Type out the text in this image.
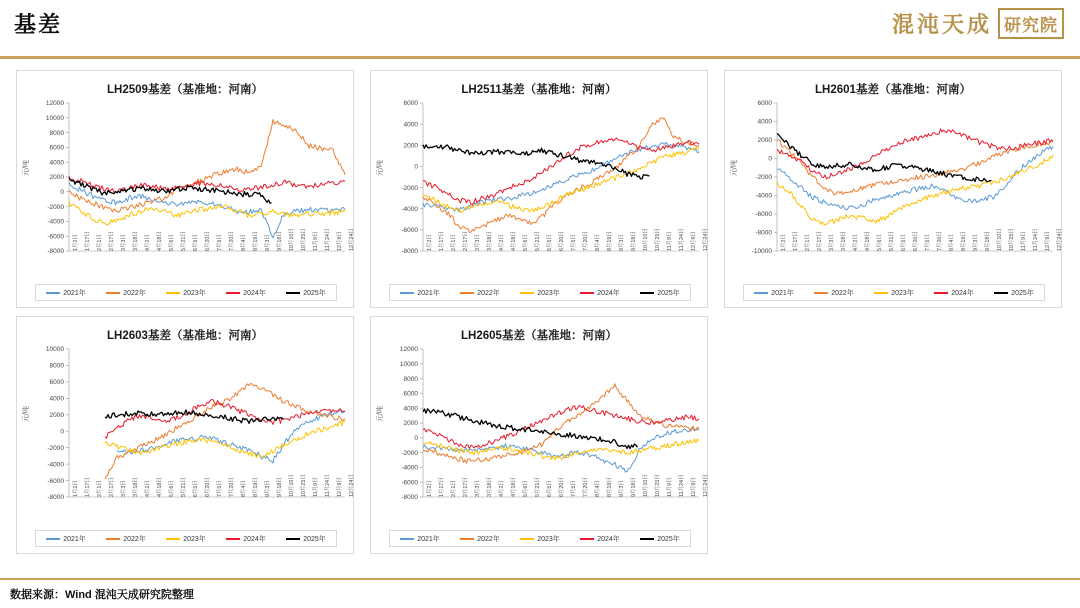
基差	混沌天成 研究院
LH2509基差（基准地：河南）
元/吨
12000
10000
8000
6000
4000
2000
0
-2000
-4000
-6000
-8000
1月2日	1月17日	2月1日	2月17日	3月3日	3月18日	4月2日	4月18日	5月6日	5月21日	6月5日	6月20日	7月5日	7月20日	8月4日	8月19日	9月3日	9月18日	10月10日	10月25日	11月9日	11月24日	12月9日	12月24日
2021年	2022年	2023年	2024年	2025年
LH2511基差（基准地：河南）
元/吨
6000
4000
2000
0
-2000
-4000
-6000
-8000
1月2日	1月17日	2月1日	2月17日	3月3日	3月18日	4月2日	4月18日	5月6日	5月21日	6月5日	6月20日	7月5日	7月20日	8月4日	8月19日	9月3日	9月18日	10月10日	10月25日	11月9日	11月24日	12月9日	12月24日
2021年	2022年	2023年	2024年	2025年
LH2601基差（基准地：河南）
元/吨
6000
4000
2000
0
-2000
-4000
-6000
-8000
-10000
1月2日	1月17日	2月1日	2月17日	3月3日	3月18日	4月2日	4月18日	5月6日	5月21日	6月5日	6月20日	7月5日	7月20日	8月4日	8月19日	9月3日	9月18日	10月10日	10月25日	11月9日	11月24日	12月9日	12月24日
2021年	2022年	2023年	2024年	2025年
LH2603基差（基准地：河南）
元/吨
10000
8000
6000
4000
2000
0
-2000
-4000
-6000
-8000
1月2日	1月17日	2月1日	2月17日	3月3日	3月18日	4月2日	4月18日	5月6日	5月21日	6月5日	6月20日	7月5日	7月20日	8月4日	8月19日	9月3日	9月18日	10月10日	10月25日	11月9日	11月24日	12月9日	12月24日
2021年	2022年	2023年	2024年	2025年
LH2605基差（基准地：河南）
元/吨
12000
10000
8000
6000
4000
2000
0
-2000
-4000
-6000
-8000
1月2日	1月17日	2月1日	2月17日	3月3日	3月18日	4月2日	4月18日	5月6日	5月21日	6月5日	6月20日	7月5日	7月20日	8月4日	8月19日	9月3日	9月18日	10月10日	10月25日	11月9日	11月24日	12月9日	12月24日
2021年	2022年	2023年	2024年	2025年
数据来源：Wind 混沌天成研究院整理
